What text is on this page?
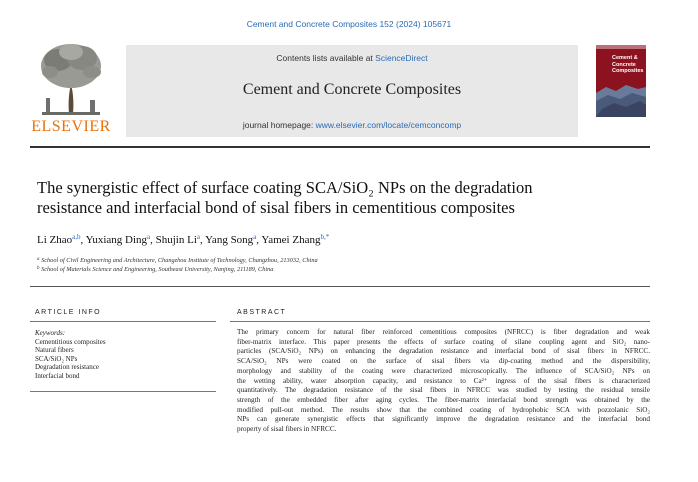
Cement and Concrete Composites 152 (2024) 105671
ELSEVIER
Contents lists available at ScienceDirect
Cement and Concrete Composites
journal homepage: www.elsevier.com/locate/cemconcomp
Cement &
Concrete
Composites
The synergistic effect of surface coating SCA/SiO₂ NPs on the degradation
resistance and interfacial bond of sisal fibers in cementitious composites
Li Zhao$^{a,b}$, Yuxiang Ding$^a$, Shujin Li$^a$, Yang Song$^a$, Yamei Zhang$^{b,*}$
$^a$ School of Civil Engineering and Architecture, Changzhou Institute of Technology, Changzhou, 213032, China
$^b$ School of Materials Science and Engineering, Southeast University, Nanjing, 211189, China
ARTICLE INFO
Keywords:
Cementitious composites
Natural fibers
SCA/SiO₂ NPs
Degradation resistance
Interfacial bond
ABSTRACT
The primary concern for natural fiber reinforced cementitious composites (NFRCC) is fiber degradation and weak
fiber-matrix interface. This paper presents the effects of surface coating of silane coupling agent and SiO₂ nano-
particles (SCA/SiO₂ NPs) on enhancing the degradation resistance and interfacial bond of sisal fibers in NFRCC.
SCA/SiO₂ NPs were coated on the surface of sisal fibers via dip-coating method and the dispersibility,
morphology and stability of the coating were characterized microscopically. The influence of SCA/SiO₂ NPs on
the wetting ability, water absorption capacity, and resistance to Ca²⁺ ingress of the sisal fibers is characterized
quantitatively. The degradation resistance of the sisal fibers in NFRCC was studied by testing the residual tensile
strength of the embedded fiber after aging cycles. The fiber-matrix interfacial bond strength was obtained by the
modified pull-out method. The results show that the combined coating of hydrophobic SCA with pozzolanic SiO₂
NPs can generate synergistic effects that significantly improve the degradation resistance and the interfacial bond
property of sisal fibers in NFRCC.
